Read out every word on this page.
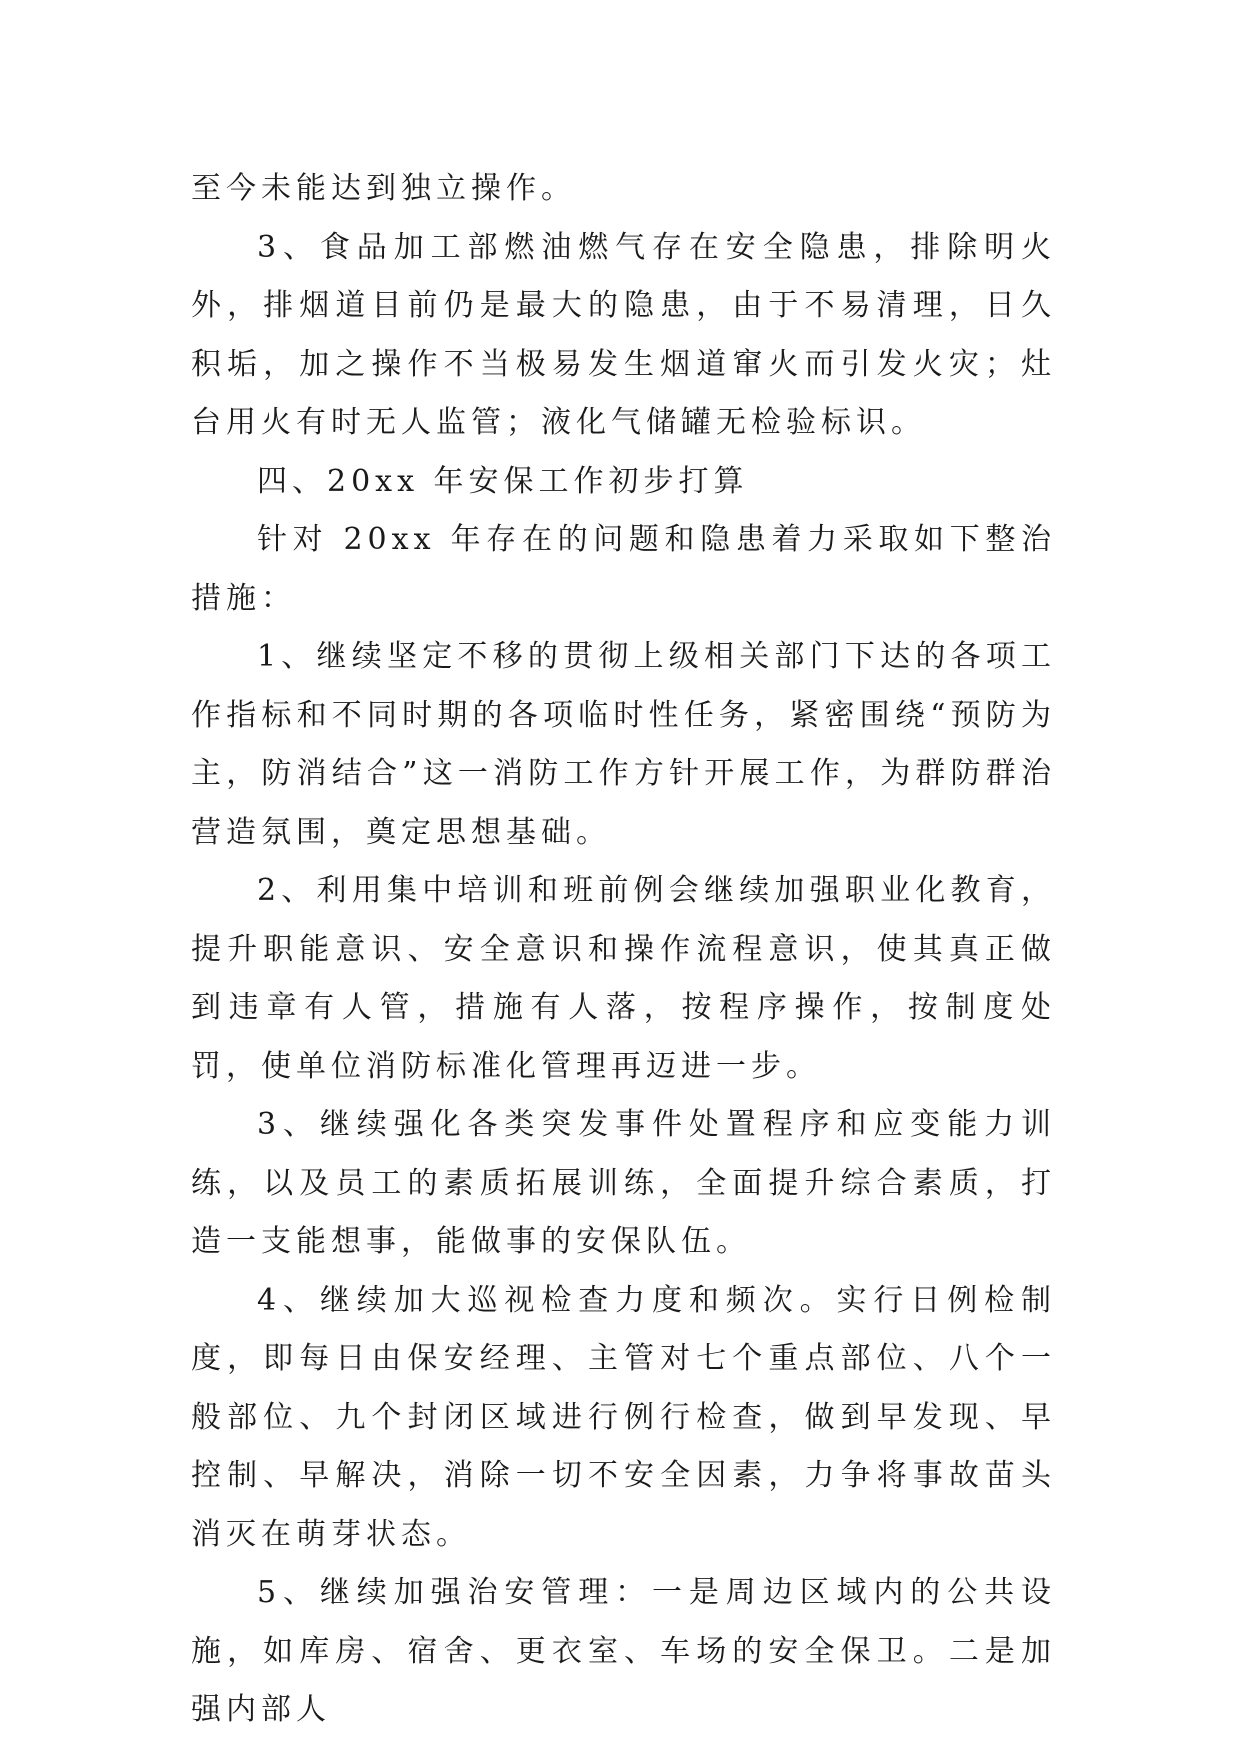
至今未能达到独立操作。

3、食品加工部燃油燃气存在安全隐患，排除明火外，排烟道目前仍是最大的隐患，由于不易清理，日久积垢，加之操作不当极易发生烟道窜火而引发火灾；灶台用火有时无人监管；液化气储罐无检验标识。

四、20xx 年安保工作初步打算

针对 20xx 年存在的问题和隐患着力采取如下整治措施：

1、继续坚定不移的贯彻上级相关部门下达的各项工作指标和不同时期的各项临时性任务，紧密围绕“预防为主，防消结合”这一消防工作方针开展工作，为群防群治营造氛围，奠定思想基础。

2、利用集中培训和班前例会继续加强职业化教育，提升职能意识、安全意识和操作流程意识，使其真正做到违章有人管，措施有人落，按程序操作，按制度处罚，使单位消防标准化管理再迈进一步。

3、继续强化各类突发事件处置程序和应变能力训练，以及员工的素质拓展训练，全面提升综合素质，打造一支能想事，能做事的安保队伍。

4、继续加大巡视检查力度和频次。实行日例检制度，即每日由保安经理、主管对七个重点部位、八个一般部位、九个封闭区域进行例行检查，做到早发现、早控制、早解决，消除一切不安全因素，力争将事故苗头消灭在萌芽状态。

5、继续加强治安管理：一是周边区域内的公共设施，如库房、宿舍、更衣室、车场的安全保卫。二是加强内部人
